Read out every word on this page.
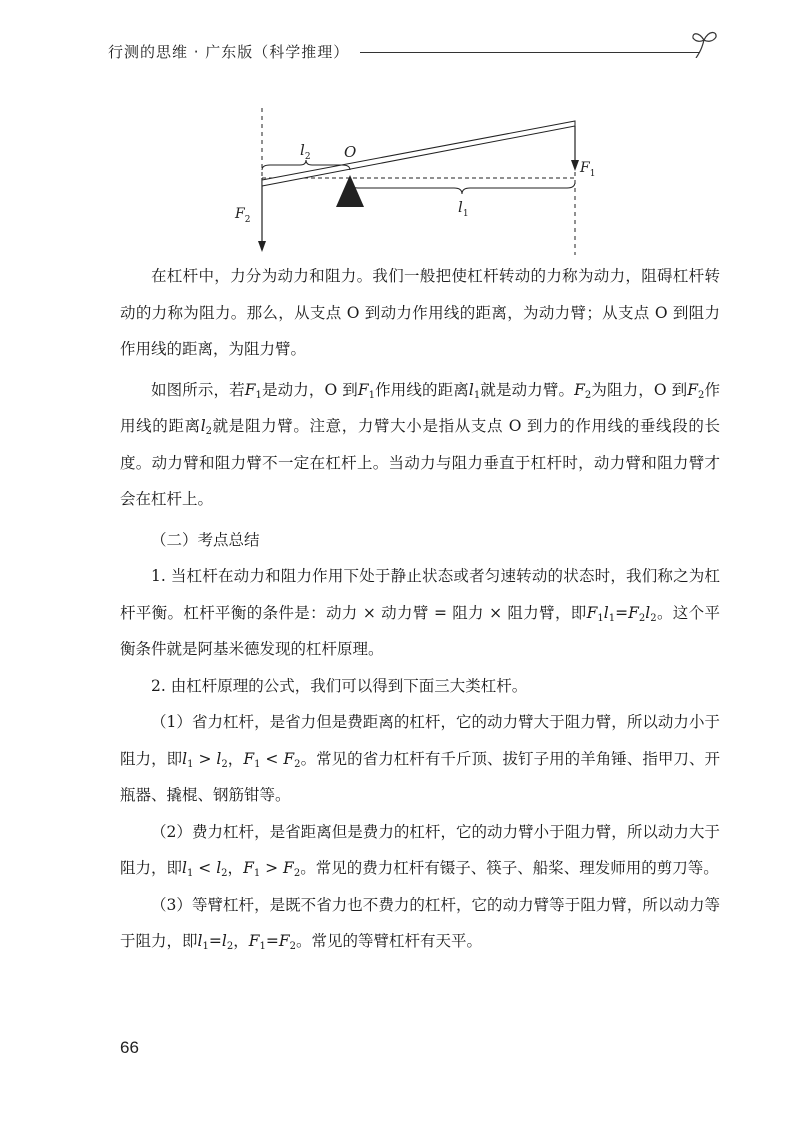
行测的思维 · 广东版（科学推理）
$l_2$ O
$l_1$
$F_1$
$F_2$

在杠杆中，力分为动力和阻力。我们一般把使杠杆转动的力称为动力，阻碍杠杆转动的力称为阻力。那么，从支点 O 到动力作用线的距离，为动力臂；从支点 O 到阻力作用线的距离，为阻力臂。

如图所示，若$F_1$是动力，O 到$F_1$作用线的距离$l_1$就是动力臂。$F_2$为阻力，O 到$F_2$作用线的距离$l_2$就是阻力臂。注意，力臂大小是指从支点 O 到力的作用线的垂线段的长度。动力臂和阻力臂不一定在杠杆上。当动力与阻力垂直于杠杆时，动力臂和阻力臂才会在杠杆上。

（二）考点总结

1. 当杠杆在动力和阻力作用下处于静止状态或者匀速转动的状态时，我们称之为杠杆平衡。杠杆平衡的条件是：动力 × 动力臂 = 阻力 × 阻力臂，即$F_1l_1=F_2l_2$。这个平衡条件就是阿基米德发现的杠杆原理。

2. 由杠杆原理的公式，我们可以得到下面三大类杠杆。

（1）省力杠杆，是省力但是费距离的杠杆，它的动力臂大于阻力臂，所以动力小于阻力，即$l_1 > l_2$，$F_1 < F_2$。常见的省力杠杆有千斤顶、拔钉子用的羊角锤、指甲刀、开瓶器、撬棍、钢筋钳等。

（2）费力杠杆，是省距离但是费力的杠杆，它的动力臂小于阻力臂，所以动力大于阻力，即$l_1 < l_2$，$F_1 > F_2$。常见的费力杠杆有镊子、筷子、船桨、理发师用的剪刀等。

（3）等臂杠杆，是既不省力也不费力的杠杆，它的动力臂等于阻力臂，所以动力等于阻力，即$l_1=l_2$，$F_1=F_2$。常见的等臂杠杆有天平。

66
